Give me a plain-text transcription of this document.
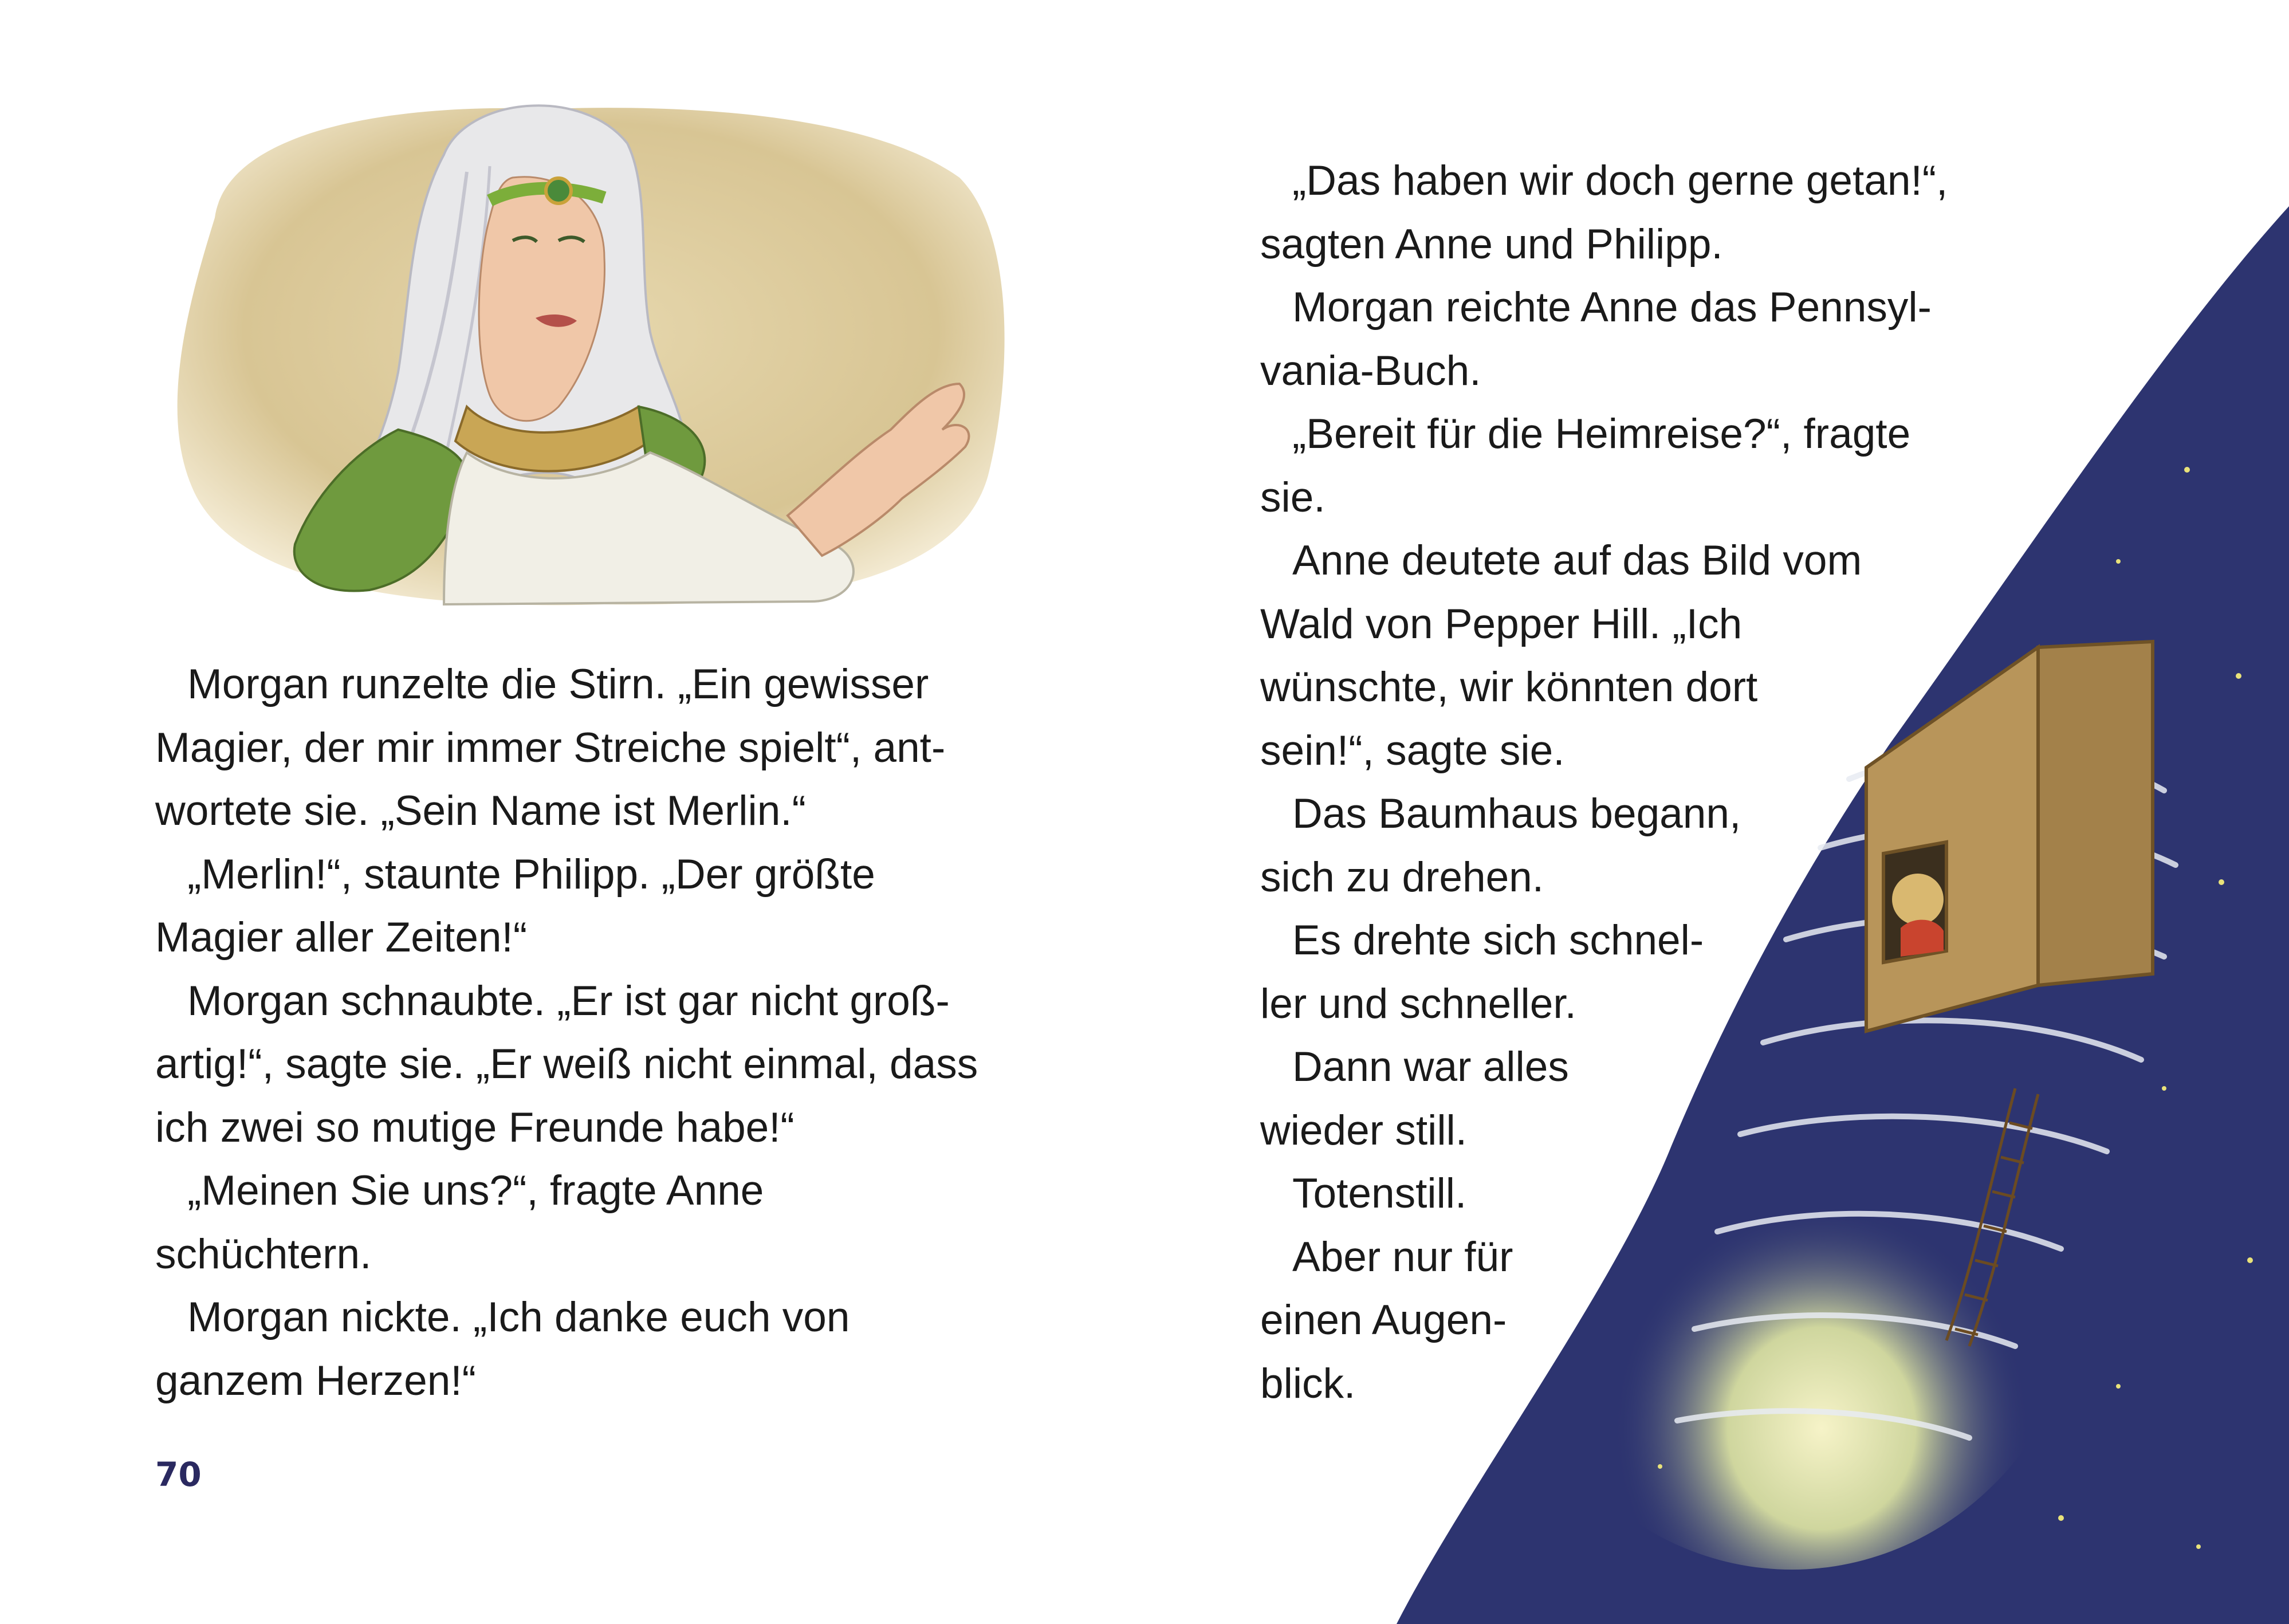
Morgan runzelte die Stirn. „Ein gewisser
Magier, der mir immer Streiche spielt“, ant-
wortete sie. „Sein Name ist Merlin.“
„Merlin!“, staunte Philipp. „Der größte
Magier aller Zeiten!“
Morgan schnaubte. „Er ist gar nicht groß-
artig!“, sagte sie. „Er weiß nicht einmal, dass
ich zwei so mutige Freunde habe!“
„Meinen Sie uns?“, fragte Anne
schüchtern.
Morgan nickte. „Ich danke euch von
ganzem Herzen!“
70
„Das haben wir doch gerne getan!“,
sagten Anne und Philipp.
Morgan reichte Anne das Pennsyl-
vania-Buch.
„Bereit für die Heimreise?“, fragte
sie.
Anne deutete auf das Bild vom
Wald von Pepper Hill. „Ich
wünschte, wir könnten dort
sein!“, sagte sie.
Das Baumhaus begann,
sich zu drehen.
Es drehte sich schnel-
ler und schneller.
Dann war alles
wieder still.
Totenstill.
Aber nur für
einen Augen-
blick.
